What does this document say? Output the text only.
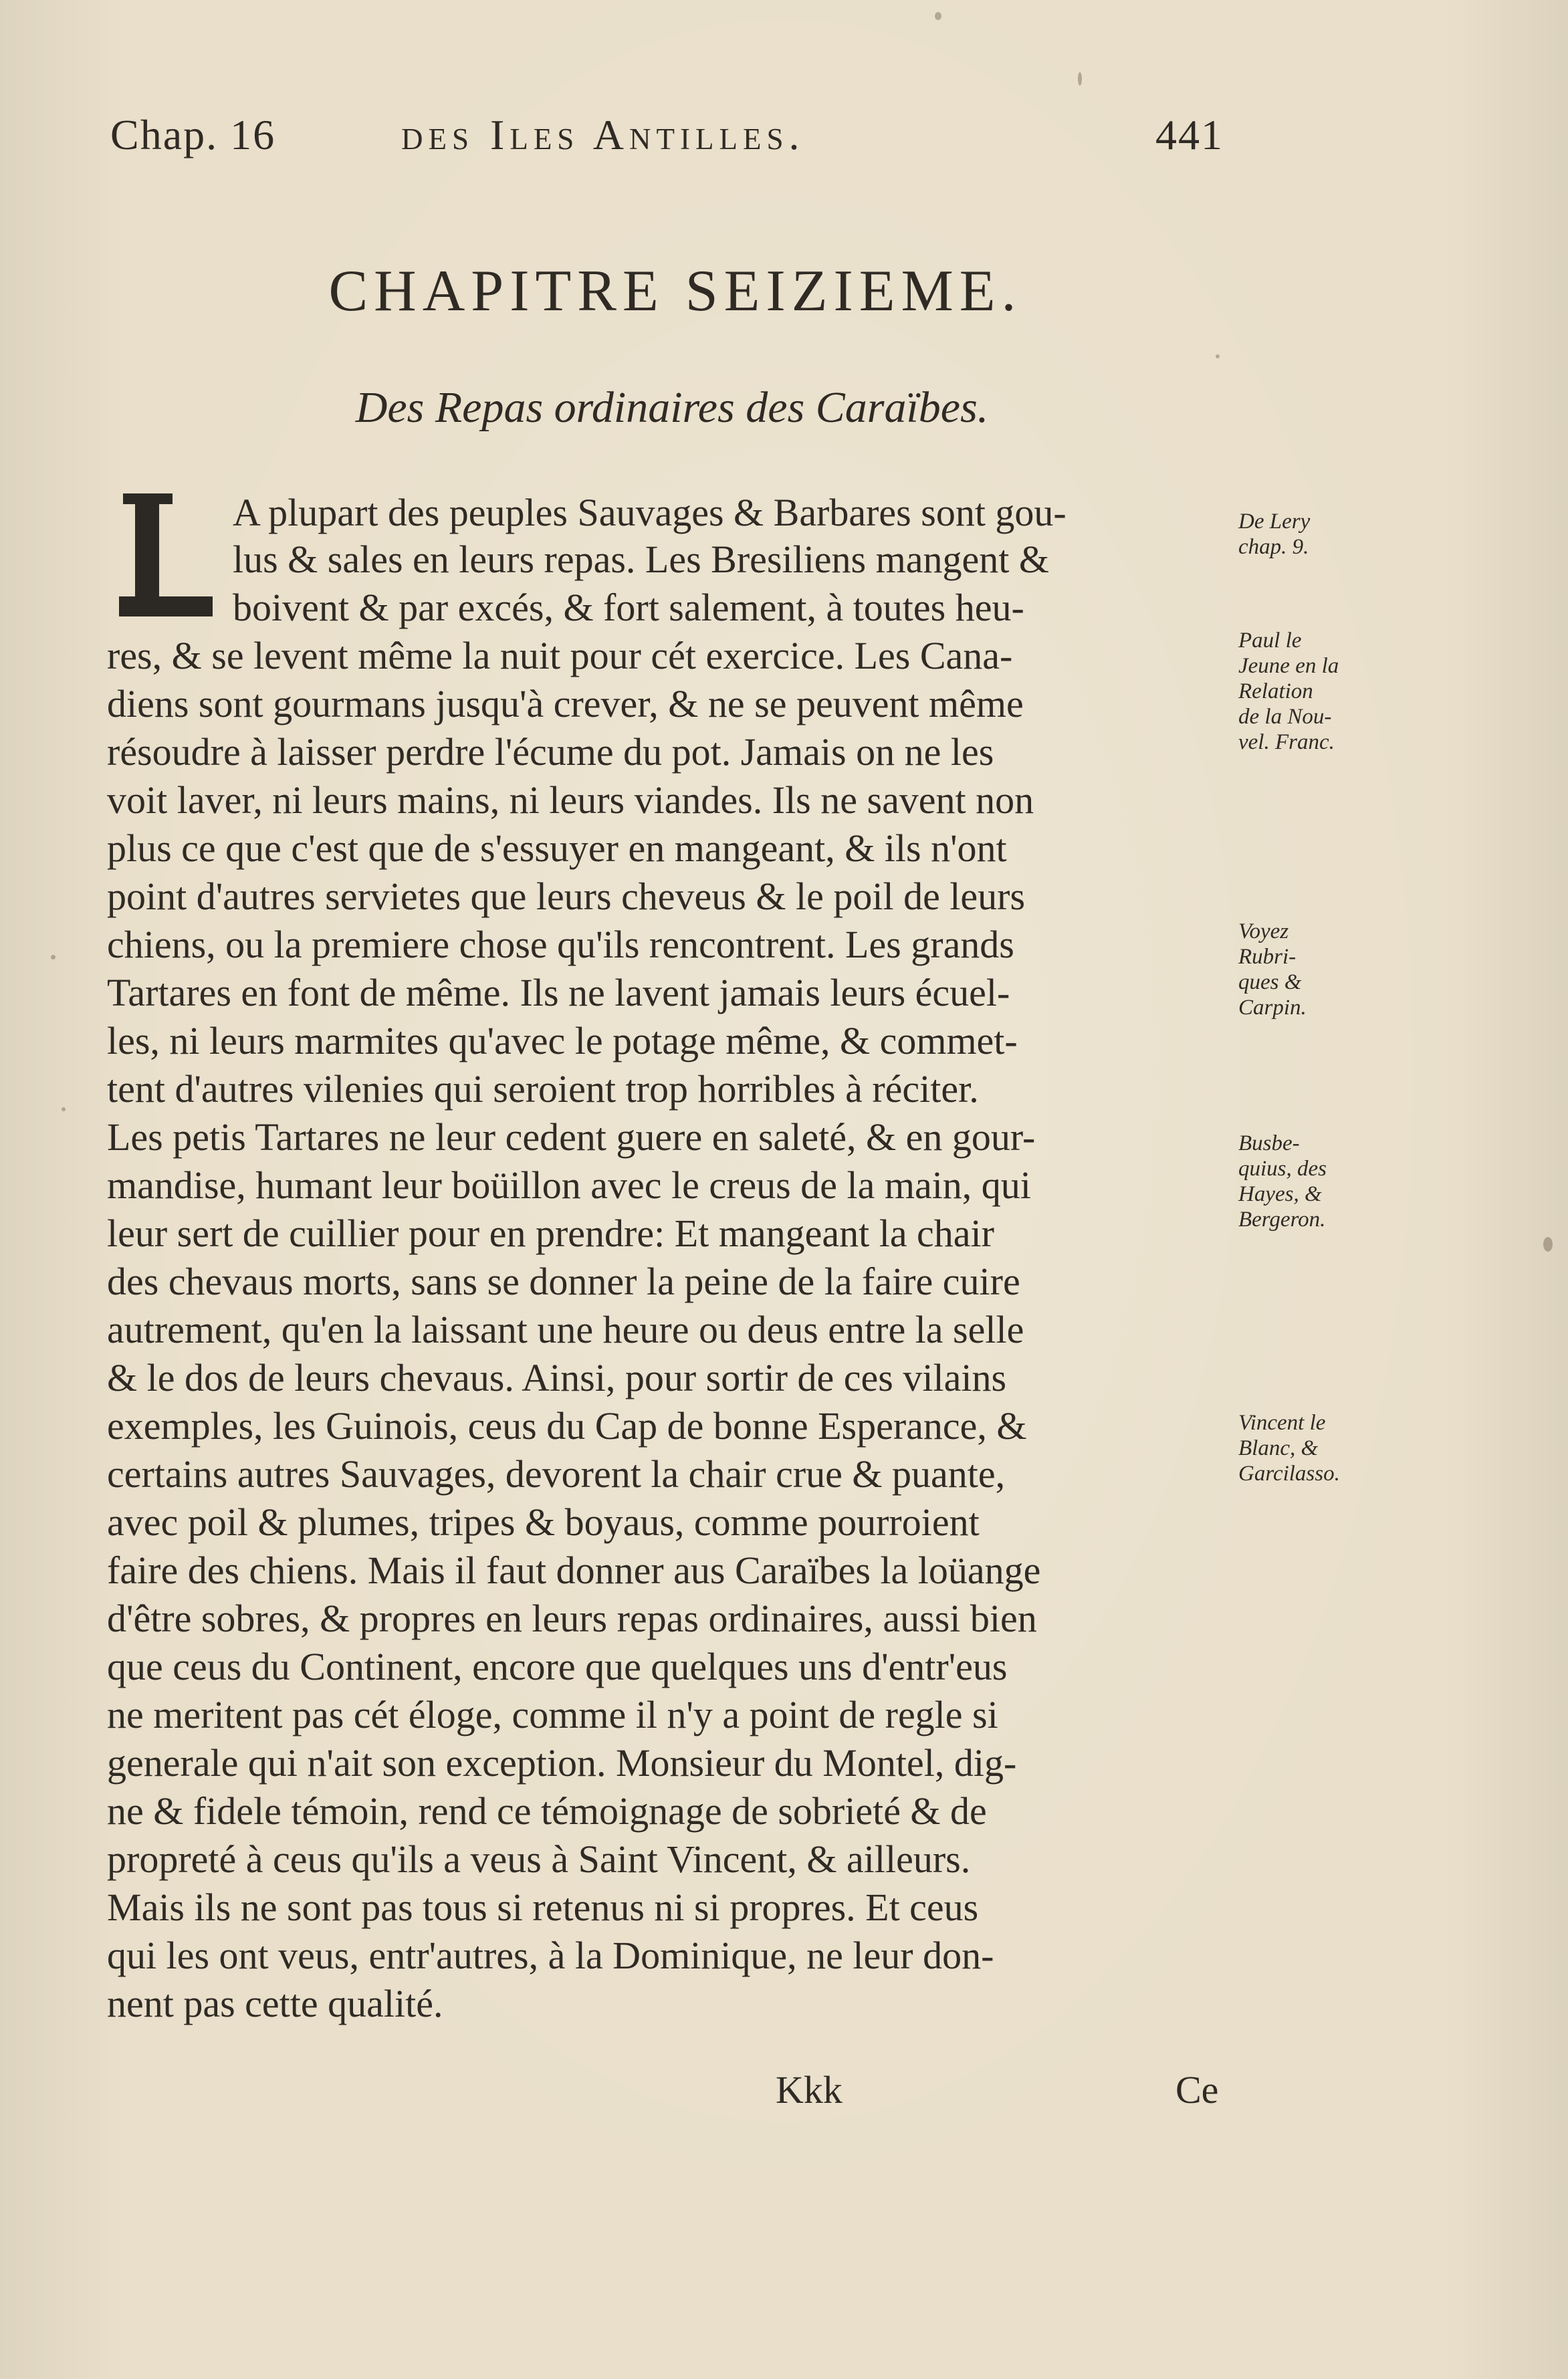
Chap. 16	des Iles Antilles.	441
CHAPITRE SEIZIEME.
Des Repas ordinaires des Caraïbes.
A plupart des peuples Sauvages & Barbares sont gou-
lus & sales en leurs repas. Les Bresiliens mangent &
boivent & par excés, & fort salement, à toutes heu-
res, & se levent même la nuit pour cét exercice. Les Cana-
diens sont gourmans jusqu'à crever, & ne se peuvent même
résoudre à laisser perdre l'écume du pot. Jamais on ne les
voit laver, ni leurs mains, ni leurs viandes. Ils ne savent non
plus ce que c'est que de s'essuyer en mangeant, & ils n'ont
point d'autres servietes que leurs cheveus & le poil de leurs
chiens, ou la premiere chose qu'ils rencontrent. Les grands
Tartares en font de même. Ils ne lavent jamais leurs écuel-
les, ni leurs marmites qu'avec le potage même, & commet-
tent d'autres vilenies qui seroient trop horribles à réciter.
Les petis Tartares ne leur cedent guere en saleté, & en gour-
mandise, humant leur boüillon avec le creus de la main, qui
leur sert de cuillier pour en prendre: Et mangeant la chair
des chevaus morts, sans se donner la peine de la faire cuire
autrement, qu'en la laissant une heure ou deus entre la selle
& le dos de leurs chevaus. Ainsi, pour sortir de ces vilains
exemples, les Guinois, ceus du Cap de bonne Esperance, &
certains autres Sauvages, devorent la chair crue & puante,
avec poil & plumes, tripes & boyaus, comme pourroient
faire des chiens. Mais il faut donner aus Caraïbes la loüange
d'être sobres, & propres en leurs repas ordinaires, aussi bien
que ceus du Continent, encore que quelques uns d'entr'eus
ne meritent pas cét éloge, comme il n'y a point de regle si
generale qui n'ait son exception. Monsieur du Montel, dig-
ne & fidele témoin, rend ce témoignage de sobrieté & de
propreté à ceus qu'ils a veus à Saint Vincent, & ailleurs.
Mais ils ne sont pas tous si retenus ni si propres. Et ceus
qui les ont veus, entr'autres, à la Dominique, ne leur don-
nent pas cette qualité.
De Lery
chap. 9.
Paul le
Jeune en la
Relation
de la Nou-
vel. Franc.
Voyez
Rubri-
ques &
Carpin.
Busbe-
quius, des
Hayes, &
Bergeron.
Vincent le
Blanc, &
Garcilasso.
Kkk	Ce
